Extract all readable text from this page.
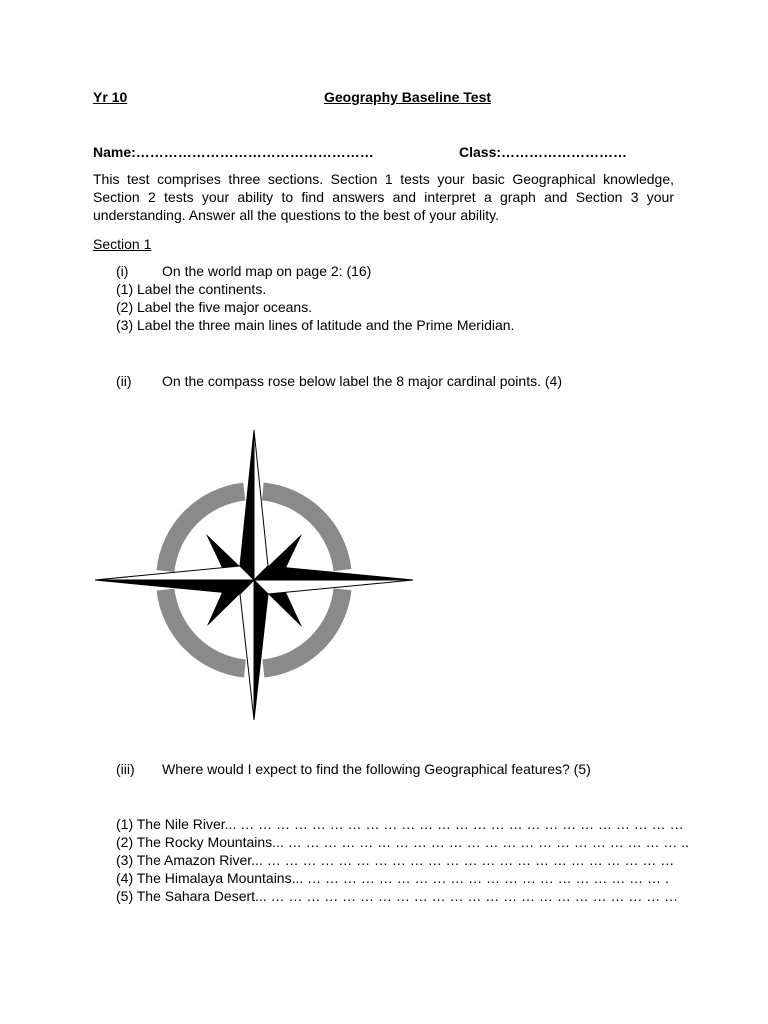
Yr 10	Geography Baseline Test
Name:……………………………………………	Class:………………………
This test comprises three sections. Section 1 tests your basic Geographical knowledge, Section 2 tests your ability to find answers and interpret a graph and Section 3 your understanding. Answer all the questions to the best of your ability.
Section 1
(i) On the world map on page 2: (16)
(1) Label the continents.
(2) Label the five major oceans.
(3) Label the three main lines of latitude and the Prime Meridian.
(ii) On the compass rose below label the 8 major cardinal points. (4)
(iii) Where would I expect to find the following Geographical features? (5)
(1) The Nile River... … … … … … … … … … … … … … … … … … … … … … … … … …
(2) The Rocky Mountains... … … … … … … … … … … … … … … … … … … … … … … ..
(3) The Amazon River... … … … … … … … … … … … … … … … … … … … … … … …
(4) The Himalaya Mountains... … … … … … … … … … … … … … … … … … … … … .
(5) The Sahara Desert... … … … … … … … … … … … … … … … … … … … … … … …
